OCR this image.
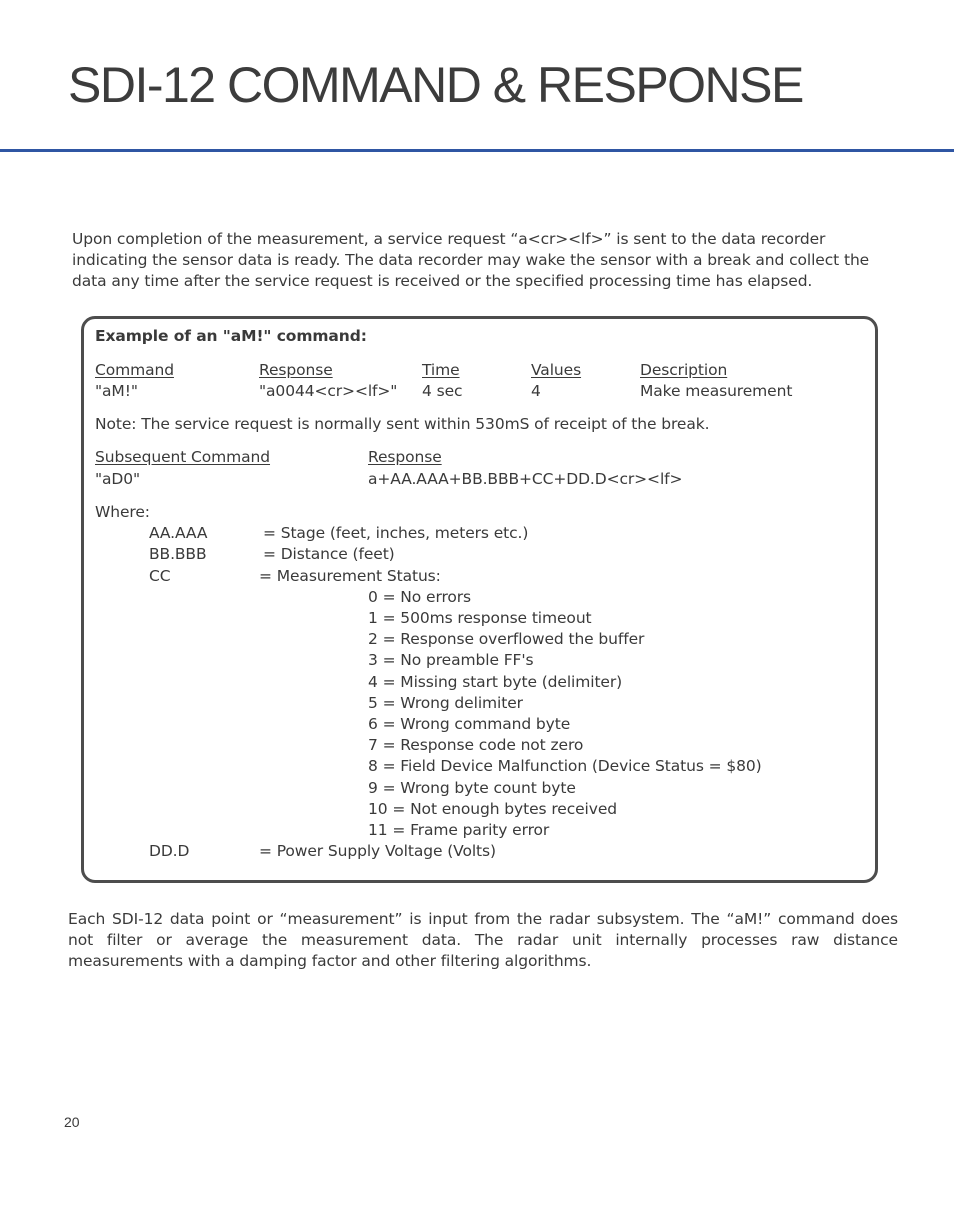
SDI-12 COMMAND & RESPONSE

Upon completion of the measurement, a service request “a<cr><lf>” is sent to the data recorder indicating the sensor data is ready. The data recorder may wake the sensor with a break and collect the data any time after the service request is received or the specified processing time has elapsed.

Example of an "aM!" command:
Command	Response	Time	Values	Description
"aM!"	"a0044<cr><lf>" 4 sec	4	Make measurement
Note: The service request is normally sent within 530mS of receipt of the break.
Subsequent Command	Response
"aD0"	a+AA.AAA+BB.BBB+CC+DD.D<cr><lf>
Where:
AA.AAA	= Stage (feet, inches, meters etc.)
BB.BBB	= Distance (feet)
CC	= Measurement Status:
0 = No errors
1 = 500ms response timeout
2 = Response overflowed the buffer
3 = No preamble FF's
4 = Missing start byte (delimiter)
5 = Wrong delimiter
6 = Wrong command byte
7 = Response code not zero
8 = Field Device Malfunction (Device Status = $80)
9 = Wrong byte count byte
10 = Not enough bytes received
11 = Frame parity error
DD.D	= Power Supply Voltage (Volts)

Each SDI-12 data point or “measurement” is input from the radar subsystem. The “aM!” command does not filter or average the measurement data. The radar unit internally processes raw distance measurements with a damping factor and other filtering algorithms.

20
